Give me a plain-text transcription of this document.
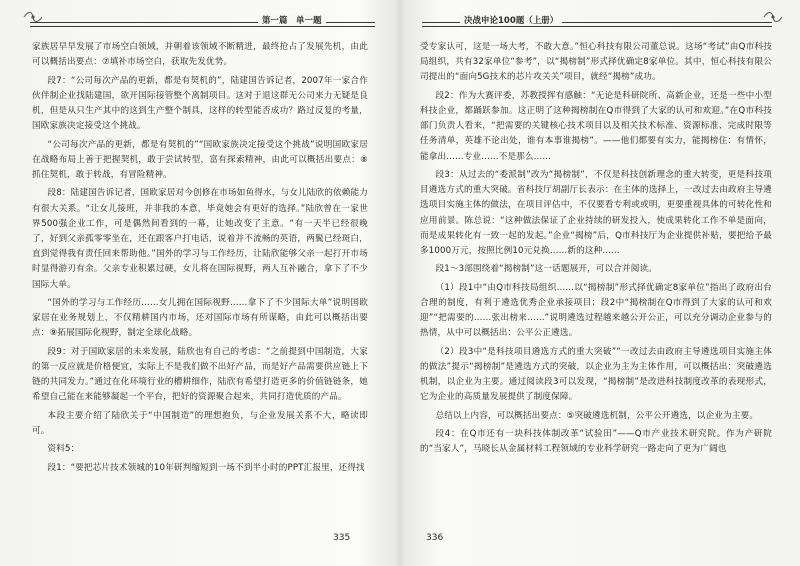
第一篇　单一题

家族居早早发展了市场空白领域，并朝着该领域不断精进，最终抢占了发展先机，由此可以概括出要点：⑦填补市场空白，获取先发优势。

段7：“公司每次产品的更新，都是有契机的”，陆建国告诉记者，2007年一家合作伙伴制企业找陆建国，欲开国际接管整个离制项目。这对于退这群无公司来力无疑是良机，但是从只生产其中的这到生产整个制具，这样的转型能否成功？路过反复的考量，国欧家族决定接受这个挑战。

“公司每次产品的更新，都是有契机的”“国欧家族决定接受这个挑战”说明国欧家居在战略布局上善于把握契机，敢于尝试转型，富有探索精神，由此可以概括出要点：⑧抓住契机，敢于转战，有冒险精神。

段8：陆建国告诉记者，国欧家居对今创修在市场如鱼得水，与女儿陆欣的依赖能力有很大关系。“让女儿接班，并非我的本意，毕竟她会有更好的选择。”陆欣曾在一家世界500强企业工作，可是偶然间看到的一幕，让她改变了主意。“有一天半已经很晚了，好到父亲孤零零坐在，还在跟客户打电话，说着并不流畅的英语，两鬓已经斑白，直到觉得我有责任回来帮助他。”国外的学习与工作经历，让陆欣能够父亲一起打开市场时显得游刃有余。父亲专业积累过硬，女儿将在国际视野，两人互补融合，拿下了不少国际大单。

“国外的学习与工作经历……女儿拥在国际视野……拿下了不少国际大单”说明国欧家居在业务规划上，不仅精耕国内市场，还对国际市场有所谋略，由此可以概括出要点：⑨拓展国际化视野，制定全球化战略。

段9：对于国欧家居的未来发展，陆欣也有自己的考虑：“之前提到中国制造，大家的第一反应就是价格便宜，实际上不是我们做不出好产品，而是好产品需要供应链上下链的共同发力。”通过在化环境行业的槽耕细作，陆欣有希望打造更多的价值链链条，她希望自己能在来能够凝起一个平台，把好的资源聚合起来，共同打造优质的产品。

本段主要介绍了陆欣关于“中国制造”的理想抱负，与企业发展关系不大，略读即可。

资料5：

段1：“要把芯片技术领城的10年研判缩短到一场不到半小时的PPT汇报里，还得找

335
决战申论100题（上册）

受专家认可，这是一场大考，不敢大意。”恒心科技有限公司董总说。这场“考试”由Q市科技局组织，共有32家单位“参考”，以“揭榜制”形式择优确定8家单位。其中，恒心科技有限公司提出的“面向5G技术的芯片攻关关”项目，就经“揭榜”成功。

段2：作为大赛评委，苏教授挥有感触：“无论是科研院所、高新企业，还是一些中小型科技企业，都踊跃参加。这正明了这种揭榜制在Q市得到了大家的认可和欢迎。”在Q市科技部门负责人看来，“把需要的关键核心技术项目以及相关技术标准、资源标准、完成时限等任务清单，英雄不论出处，谁有本事谁揭榜”。——他们都要有实力，能揭榜住：有情怀，能拿出……专业……不是那么……

段3：从过去的“委派制”改为“揭榜制”，不仅是科技创新理念的重大转变，更是科技项目遴选方式的重大突破。省科技厅胡副厅长表示：在主体的选择上，一改过去由政府主导遴选项目实施主体的做法，在项目评估中，不仅要看专利或或明，更要重视具体的可转化性和应用前景。陈总说：“这种做法保证了企业持续的研发投入，使成果转化工作不单是面向，而是成果转化有一致一起的发起。”企业“揭榜”后，Q市科技厅为企业提供补贴，要把给予最多1000万元，按照比例10元兑换……新的这种……

段1～3部围绕着“揭榜制”这一话题展开，可以合并阅读。

（1）段1中“由Q市科技局组织……以“揭榜制”形式择优确定8家单位”指出了政府出台合理的制度，有利于遴选优秀企业承接项目；段2中“揭榜制在Q市得到了大家的认可和欢迎”“把需要的……张出榜来……”说明遴选过程越来越公开公正，可以充分调动企业参与的热情，从中可以概括出：公平公正遴选。

（2）段3中“是科技项目遴选方式的重大突破”“一改过去由政府主导遴选项目实施主体的做法”提示“揭榜制”是遴选方式的突破，以企业为主为主体作用，可以概括出：突破遴选机制，以企业为主要。通过阅读段3可以发现，“揭榜制”是改进科技制度改革的表现形式，它为企业的高质量发展提供了制度保障。

总结以上内容，可以概括出要点：⑤突破遴选机制，公平公开遴选，以企业为主要。

段4：在Q市还有一块科技体制改革“试验田”——Q市产业技术研究院。作为产研院的“当家人”，马晓长从金属材料工程领域的专业科学研究一路走向了更为广阔也

336
